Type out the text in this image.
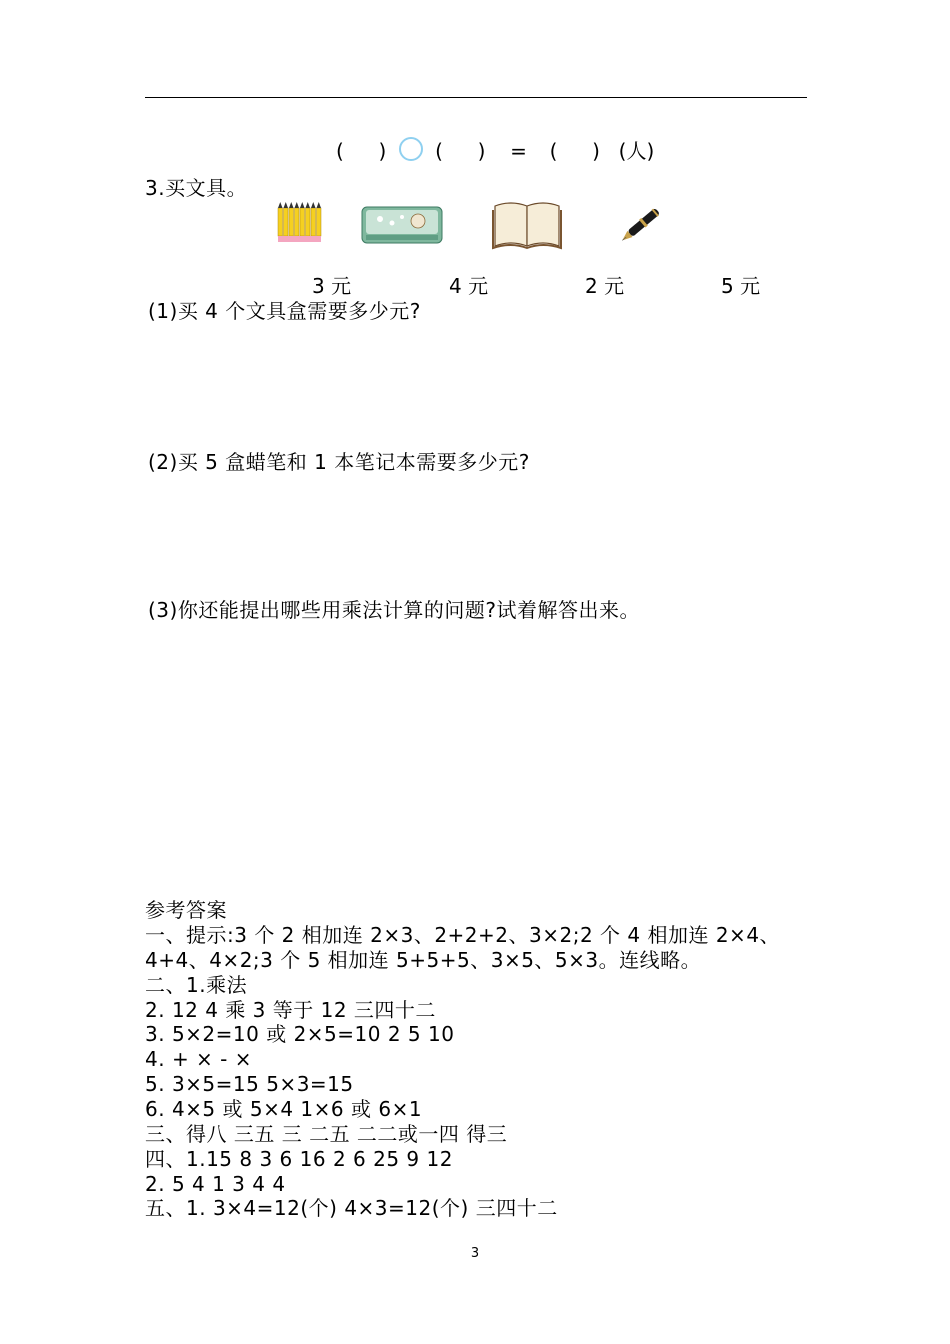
( ) ( ) = ( ) (人)
3.买文具。
3 元	4 元	2 元	5 元
(1)买 4 个文具盒需要多少元?
(2)买 5 盒蜡笔和 1 本笔记本需要多少元?
(3)你还能提出哪些用乘法计算的问题?试着解答出来。
参考答案
一、提示:3 个 2 相加连 2×3、2+2+2、3×2;2 个 4 相加连 2×4、
4+4、4×2;3 个 5 相加连 5+5+5、3×5、5×3。连线略。
二、1.乘法
2. 12 4 乘 3 等于 12 三四十二
3. 5×2=10 或 2×5=10 2 5 10
4. + × - ×
5. 3×5=15 5×3=15
6. 4×5 或 5×4 1×6 或 6×1
三、得八 三五 三 二五 二二或一四 得三
四、1.15 8 3 6 16 2 6 25 9 12
2. 5 4 1 3 4 4
五、1. 3×4=12(个) 4×3=12(个) 三四十二
3
